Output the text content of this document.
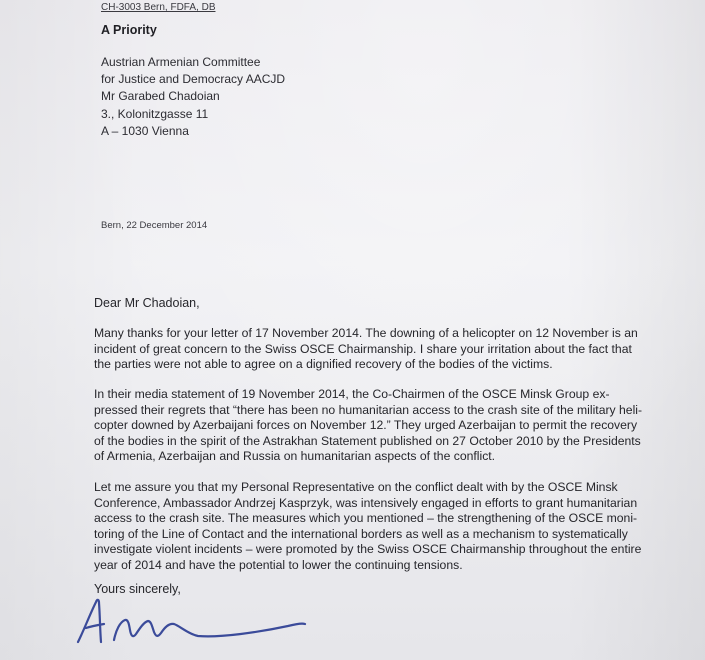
CH-3003 Bern, FDFA, DB

A Priority

Austrian Armenian Committee
for Justice and Democracy AACJD
Mr Garabed Chadoian
3., Kolonitzgasse 11
A – 1030 Vienna

Bern, 22 December 2014

Dear Mr Chadoian,

Many thanks for your letter of 17 November 2014. The downing of a helicopter on 12 November is an
incident of great concern to the Swiss OSCE Chairmanship. I share your irritation about the fact that
the parties were not able to agree on a dignified recovery of the bodies of the victims.
In their media statement of 19 November 2014, the Co-Chairmen of the OSCE Minsk Group ex-
pressed their regrets that “there has been no humanitarian access to the crash site of the military heli-
copter downed by Azerbaijani forces on November 12.” They urged Azerbaijan to permit the recovery
of the bodies in the spirit of the Astrakhan Statement published on 27 October 2010 by the Presidents
of Armenia, Azerbaijan and Russia on humanitarian aspects of the conflict.
Let me assure you that my Personal Representative on the conflict dealt with by the OSCE Minsk
Conference, Ambassador Andrzej Kasprzyk, was intensively engaged in efforts to grant humanitarian
access to the crash site. The measures which you mentioned – the strengthening of the OSCE moni-
toring of the Line of Contact and the international borders as well as a mechanism to systematically
investigate violent incidents – were promoted by the Swiss OSCE Chairmanship throughout the entire
year of 2014 and have the potential to lower the continuing tensions.

Yours sincerely,
